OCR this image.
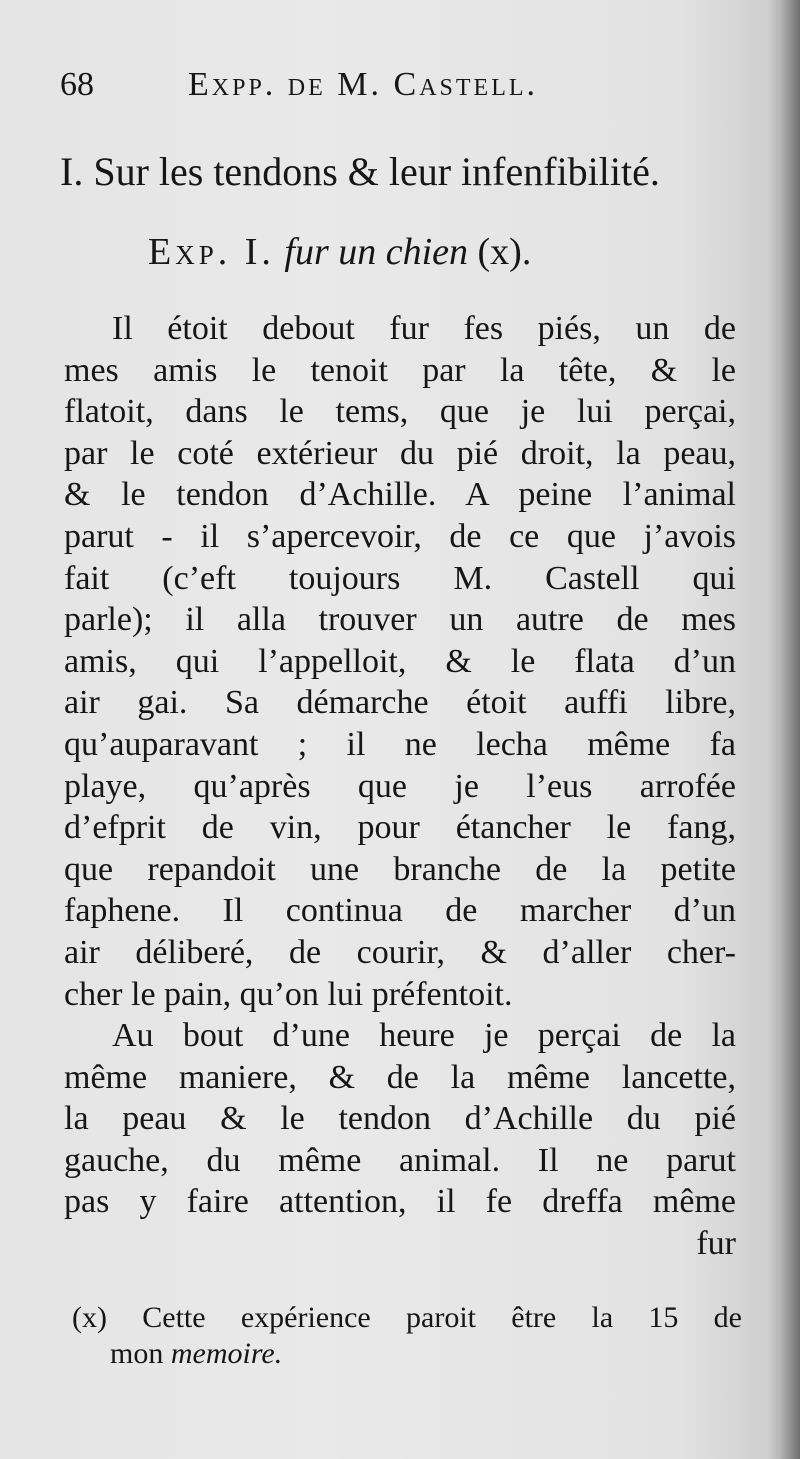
68	Expp. de M. Castell.
I. Sur les tendons & leur infenfibilité.
Exp. I. fur un chien (x).
Il étoit debout fur fes piés, un de
mes amis le tenoit par la tête, & le
flatoit, dans le tems, que je lui perçai,
par le coté extérieur du pié droit, la peau,
& le tendon d’Achille. A peine l’animal
parut - il s’apercevoir, de ce que j’avois
fait (c’eft toujours M. Castell qui
parle); il alla trouver un autre de mes
amis, qui l’appelloit, & le flata d’un
air gai. Sa démarche étoit auffi libre,
qu’auparavant ; il ne lecha même fa
playe, qu’après que je l’eus arrofée
d’efprit de vin, pour étancher le fang,
que repandoit une branche de la petite
faphene. Il continua de marcher d’un
air déliberé, de courir, & d’aller cher-
cher le pain, qu’on lui préfentoit.
Au bout d’une heure je perçai de la
même maniere, & de la même lancette,
la peau & le tendon d’Achille du pié
gauche, du même animal. Il ne parut
pas y faire attention, il fe dreffa même
fur
(x) Cette expérience paroit être la 15 de
mon memoire.
